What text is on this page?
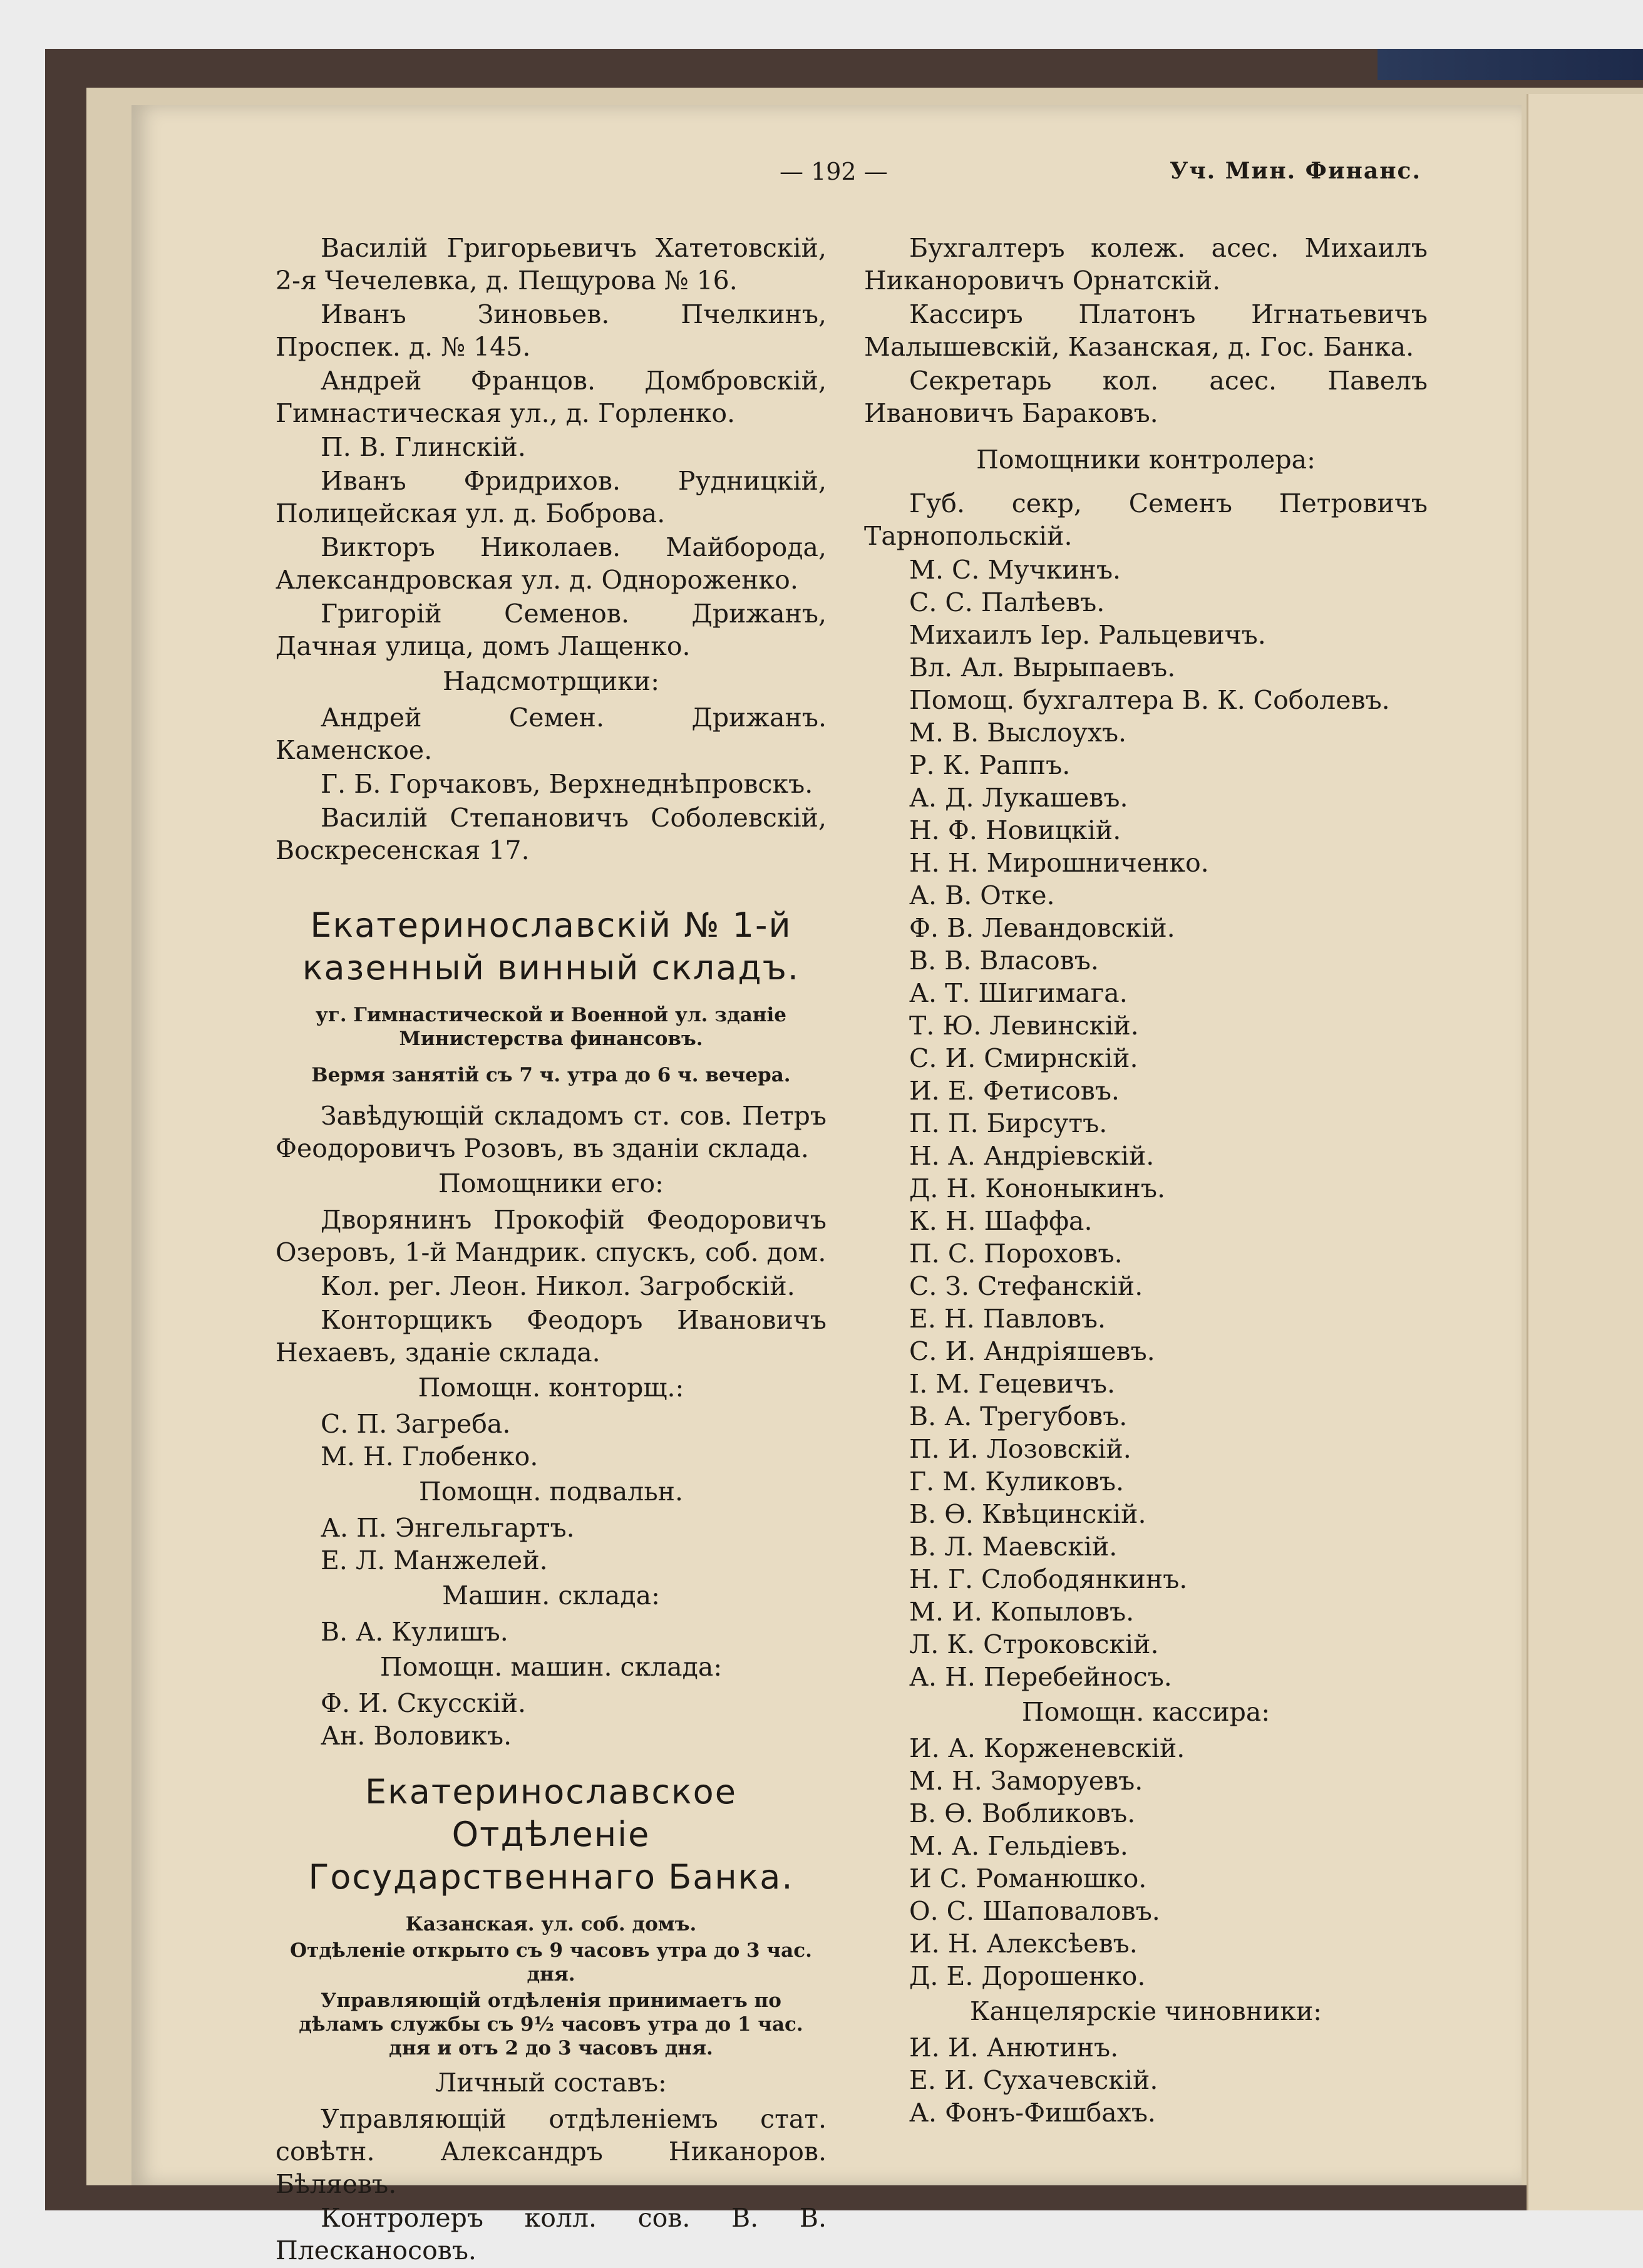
— 192 —	Уч. Мин. Финанс.

Василій Григорьевичъ Хатетовскій, 2-я Чечелевка, д. Пещурова № 16.

Иванъ Зиновьев. Пчелкинъ, Проспек. д. № 145.

Андрей Францов. Домбровскій, Гимнастическая ул., д. Горленко.

П. В. Глинскій.

Иванъ Фридрихов. Рудницкій, Полицейская ул. д. Боброва.

Викторъ Николаев. Майборода, Александровская ул. д. Однороженко.

Григорій Семенов. Дрижанъ, Дачная улица, домъ Лащенко.

Надсмотрщики:

Андрей Семен. Дрижанъ. Каменское.

Г. Б. Горчаковъ, Верхнеднѣпровскъ.

Василій Степановичъ Соболевскій, Воскресенская 17.

Екатеринославскій № 1-й казенный винный складъ.
уг. Гимнастической и Военной ул. зданіе Министерства финансовъ.
Вермя занятій съ 7 ч. утра до 6 ч. вечера.

Завѣдующій складомъ ст. сов. Петръ Феодоровичъ Розовъ, въ зданіи склада.

Помощники его:

Дворянинъ Прокофій Феодоровичъ Озеровъ, 1-й Мандрик. спускъ, соб. дом.

Кол. рег. Леон. Никол. Загробскій.

Конторщикъ Феодоръ Ивановичъ Нехаевъ, зданіе склада.

Помощн. конторщ.:

С. П. Загреба.

М. Н. Глобенко.

Помощн. подвальн.

А. П. Энгельгартъ.

Е. Л. Манжелей.

Машин. склада:

В. А. Кулишъ.

Помощн. машин. склада:

Ф. И. Скусскій.

Ан. Воловикъ.

Екатеринославское Отдѣленіе Государственнаго Банка.
Казанская. ул. соб. домъ.
Отдѣленіе открыто съ 9 часовъ утра до 3 час. дня.
Управляющій отдѣленія принимаетъ по дѣламъ службы съ 9½ часовъ утра до 1 час. дня и отъ 2 до 3 часовъ дня.
Личный составъ:

Управляющій отдѣленіемъ стат. совѣтн. Александръ Никаноров. Бѣляевъ.

Контролеръ колл. сов. В. В. Плесканосовъ.

Бухгалтеръ колеж. асес. Михаилъ Никаноровичъ Орнатскій.

Кассиръ Платонъ Игнатьевичъ Малышевскій, Казанская, д. Гос. Банка.

Секретарь кол. асес. Павелъ Ивановичъ Бараковъ.

Помощники контролера:

Губ. секр, Семенъ Петровичъ Тарнопольскій.

М. С. Мучкинъ.

С. С. Палѣевъ.

Михаилъ Іер. Ральцевичъ.

Вл. Ал. Вырыпаевъ.

Помощ. бухгалтера В. К. Соболевъ.

М. В. Выслоухъ.

Р. К. Раппъ.

А. Д. Лукашевъ.

Н. Ф. Новицкій.

Н. Н. Мирошниченко.

А. В. Отке.

Ф. В. Левандовскій.

В. В. Власовъ.

А. Т. Шигимага.

Т. Ю. Левинскій.

С. И. Смирнскій.

И. Е. Фетисовъ.

П. П. Бирсутъ.

Н. А. Андріевскій.

Д. Н. Кононыкинъ.

К. Н. Шаффа.

П. С. Пороховъ.

С. З. Стефанскій.

Е. Н. Павловъ.

С. И. Андріяшевъ.

І. М. Гецевичъ.

В. А. Трегубовъ.

П. И. Лозовскій.

Г. М. Куликовъ.

В. Ѳ. Квѣцинскій.

В. Л. Маевскій.

Н. Г. Слободянкинъ.

М. И. Копыловъ.

Л. К. Строковскій.

А. Н. Перебейносъ.

Помощн. кассира:

И. А. Корженевскій.

М. Н. Заморуевъ.

В. Ѳ. Вобликовъ.

М. А. Гельдіевъ.

И С. Романюшко.

О. С. Шаповаловъ.

И. Н. Алексѣевъ.

Д. Е. Дорошенко.

Канцелярскіе чиновники:

И. И. Анютинъ.

Е. И. Сухачевскій.

А. Фонъ-Фишбахъ.
